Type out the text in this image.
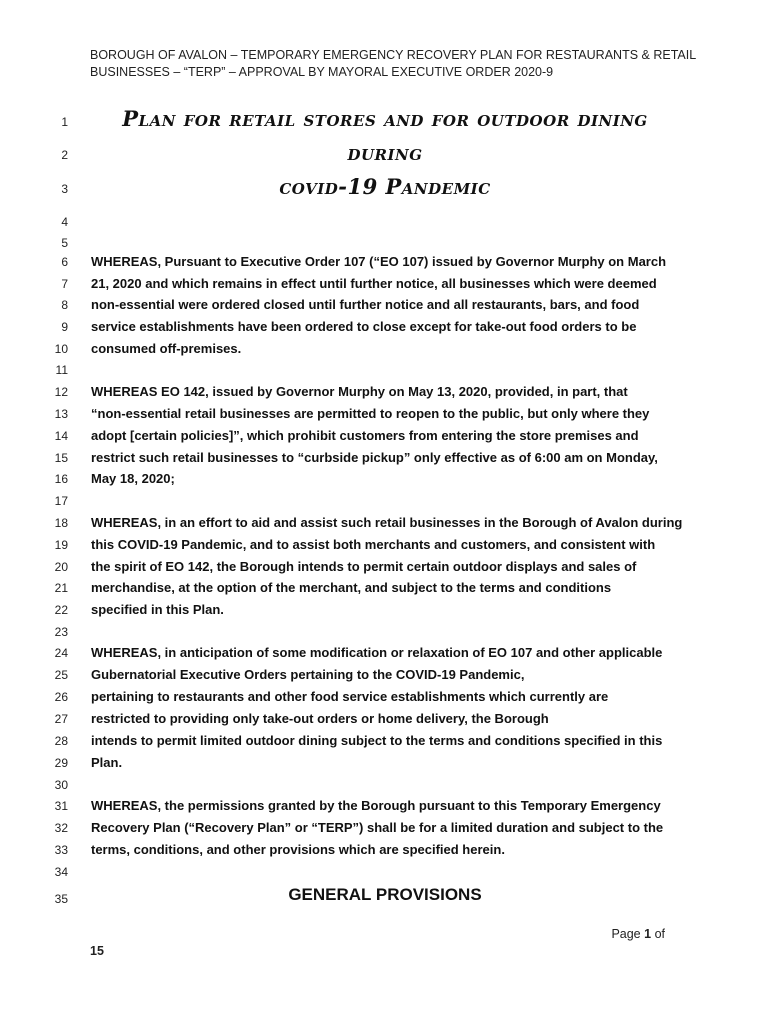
BOROUGH OF AVALON – TEMPORARY EMERGENCY RECOVERY PLAN FOR RESTAURANTS & RETAIL
BUSINESSES – “TERP” – APPROVAL BY MAYORAL EXECUTIVE ORDER 2020-9
Plan for retail stores and for outdoor dining
during
covid-19 Pandemic
1
2
3
4
5
6
7
8
9
10
11
12
13
14
15
16
17
18
19
20
21
22
23
24
25
26
27
28
29
30
31
32
33
34
35
WHEREAS, Pursuant to Executive Order 107 (“EO 107) issued by Governor Murphy on March
21, 2020 and which remains in effect until further notice, all businesses which were deemed
non-essential were ordered closed until further notice and all restaurants, bars, and food
service establishments have been ordered to close except for take-out food orders to be
consumed off-premises.
WHEREAS EO 142, issued by Governor Murphy on May 13, 2020, provided, in part, that
“non-essential retail businesses are permitted to reopen to the public, but only where they
adopt [certain policies]”, which prohibit customers from entering the store premises and
restrict such retail businesses to “curbside pickup” only effective as of 6:00 am on Monday,
May 18, 2020;
WHEREAS, in an effort to aid and assist such retail businesses in the Borough of Avalon during
this COVID-19 Pandemic, and to assist both merchants and customers, and consistent with
the spirit of EO 142, the Borough intends to permit certain outdoor displays and sales of
merchandise, at the option of the merchant, and subject to the terms and conditions
specified in this Plan.
WHEREAS, in anticipation of some modification or relaxation of EO 107 and other applicable
Gubernatorial Executive Orders pertaining to the COVID-19 Pandemic,
pertaining to restaurants and other food service establishments which currently are
restricted to providing only take-out orders or home delivery, the Borough
intends to permit limited outdoor dining subject to the terms and conditions specified in this
Plan.
WHEREAS, the permissions granted by the Borough pursuant to this Temporary Emergency
Recovery Plan (“Recovery Plan” or “TERP”) shall be for a limited duration and subject to the
terms, conditions, and other provisions which are specified herein.
GENERAL PROVISIONS
Page 1 of
15
